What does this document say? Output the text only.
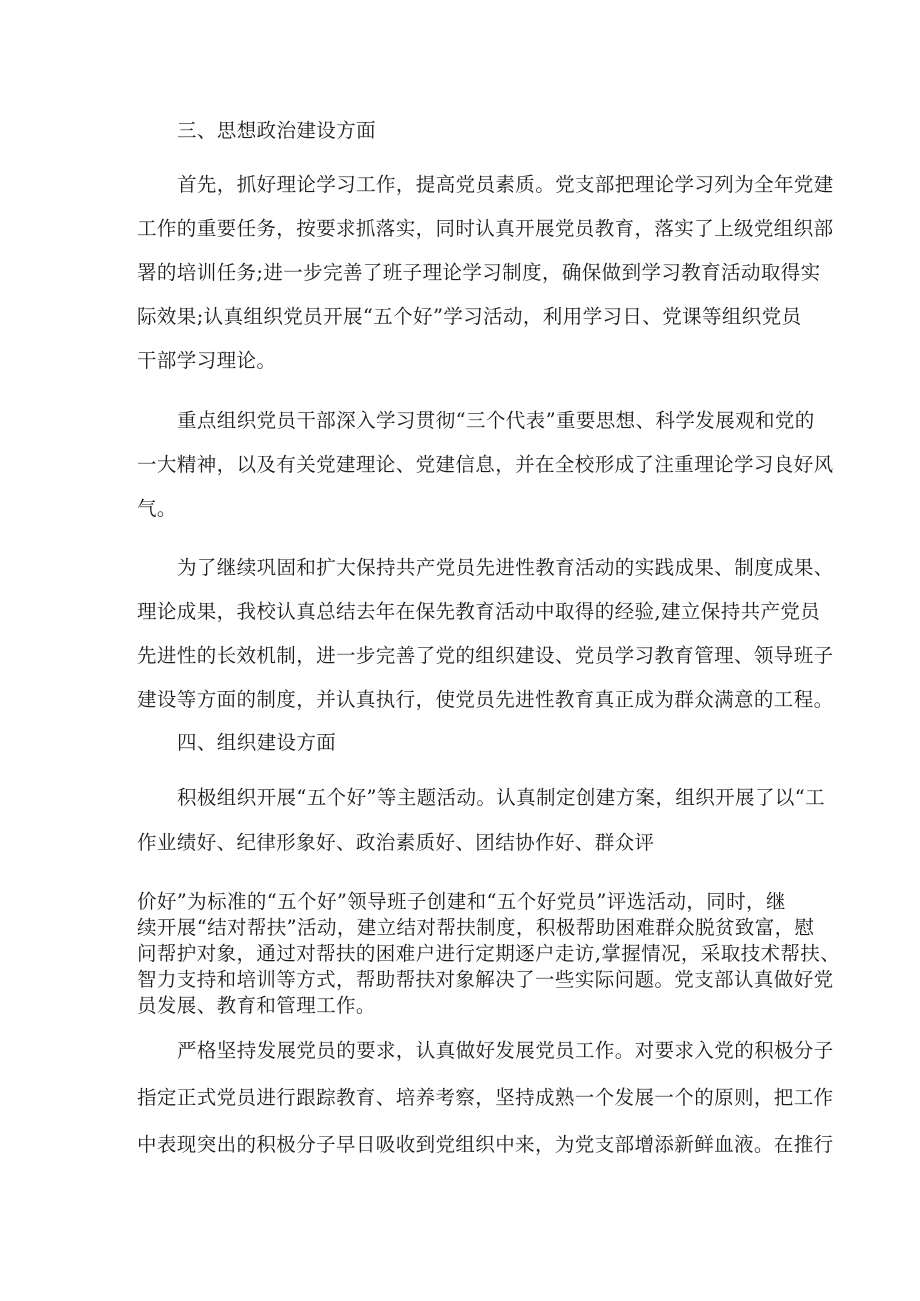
三、思想政治建设方面
首先，抓好理论学习工作，提高党员素质。党支部把理论学习列为全年党建
工作的重要任务，按要求抓落实，同时认真开展党员教育，落实了上级党组织部
署的培训任务;进一步完善了班子理论学习制度，确保做到学习教育活动取得实
际效果;认真组织党员开展“五个好”学习活动，利用学习日、党课等组织党员
干部学习理论。
重点组织党员干部深入学习贯彻“三个代表”重要思想、科学发展观和党的
一大精神，以及有关党建理论、党建信息，并在全校形成了注重理论学习良好风
气。
为了继续巩固和扩大保持共产党员先进性教育活动的实践成果、制度成果、
理论成果，我校认真总结去年在保先教育活动中取得的经验,建立保持共产党员
先进性的长效机制，进一步完善了党的组织建设、党员学习教育管理、领导班子
建设等方面的制度，并认真执行，使党员先进性教育真正成为群众满意的工程。
四、组织建设方面
积极组织开展“五个好”等主题活动。认真制定创建方案，组织开展了以“工
作业绩好、纪律形象好、政治素质好、团结协作好、群众评
价好”为标准的“五个好”领导班子创建和“五个好党员”评选活动，同时，继
续开展“结对帮扶”活动，建立结对帮扶制度，积极帮助困难群众脱贫致富，慰
问帮护对象，通过对帮扶的困难户进行定期逐户走访,掌握情况，采取技术帮扶、
智力支持和培训等方式，帮助帮扶对象解决了一些实际问题。党支部认真做好党
员发展、教育和管理工作。
严格坚持发展党员的要求，认真做好发展党员工作。对要求入党的积极分子
指定正式党员进行跟踪教育、培养考察，坚持成熟一个发展一个的原则，把工作
中表现突出的积极分子早日吸收到党组织中来，为党支部增添新鲜血液。在推行
